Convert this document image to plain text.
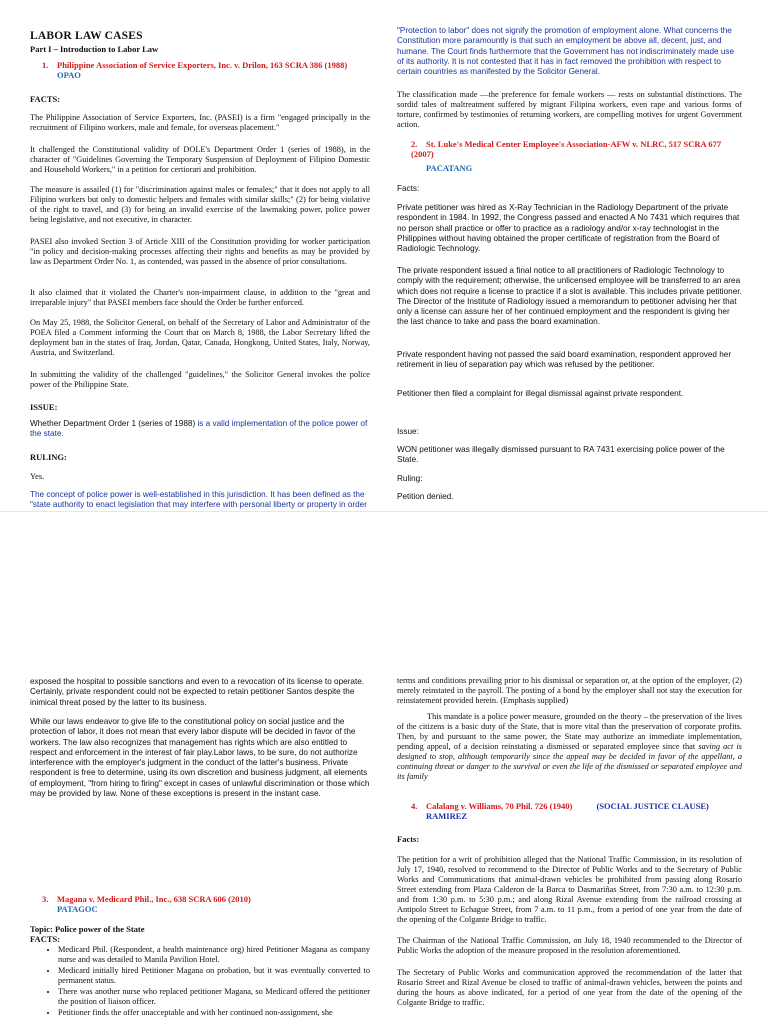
LABOR LAW CASES
Part I – Introduction to Labor Law
1. Philippine Association of Service Exporters, Inc. v. Drilon, 163 SCRA 386 (1988)
OPAO
FACTS:

The Philippine Association of Service Exporters, Inc. (PASEI) is a firm "engaged principally in the recruitment of Filipino workers, male and female, for overseas placement."

It challenged the Constitutional validity of DOLE's Department Order 1 (series of 1988), in the character of "Guidelines Governing the Temporary Suspension of Deployment of Filipino Domestic and Household Workers," in a petition for certiorari and prohibition.

The measure is assailed (1) for "discrimination against males or females;" that it does not apply to all Filipino workers but only to domestic helpers and females with similar skills;" (2) for being violative of the right to travel, and (3) for being an invalid exercise of the lawmaking power, police power being legislative, and not executive, in character.

PASEI also invoked Section 3 of Article XIII of the Constitution providing for worker participation "in policy and decision-making processes affecting their rights and benefits as may be provided by law as Department Order No. 1, as contended, was passed in the absence of prior consultations.

It also claimed that it violated the Charter's non-impairment clause, in addition to the "great and irreparable injury" that PASEI members face should the Order be further enforced.

On May 25, 1988, the Solicitor General, on behalf of the Secretary of Labor and Administrator of the POEA filed a Comment informing the Court that on March 8, 1988, the Labor Secretary lifted the deployment ban in the states of Iraq, Jordan, Qatar, Canada, Hongkong, United States, Italy, Norway, Austria, and Switzerland.

In submitting the validity of the challenged "guidelines," the Solicitor General invokes the police power of the Philippine State.

ISSUE:

Whether Department Order 1 (series of 1988) is a valid implementation of the police power of the state.

RULING:

Yes.

The concept of police power is well-established in this jurisdiction. It has been defined as the "state authority to enact legislation that may interfere with personal liberty or property in order

"Protection to labor" does not signify the promotion of employment alone. What concerns the Constitution more paramountly is that such an employment be above all, decent, just, and humane. The Court finds furthermore that the Government has not indiscriminately made use of its authority. It is not contested that it has in fact removed the prohibition with respect to certain countries as manifested by the Solicitor General.

The classification made —the preference for female workers — rests on substantial distinctions. The sordid tales of maltreatment suffered by migrant Filipina workers, even rape and various forms of torture, confirmed by testimonies of returning workers, are compelling motives for urgent Government action.

2. St. Luke's Medical Center Employee's Association-AFW v. NLRC, 517 SCRA 677 (2007)
PACATANG
Facts:

Private petitioner was hired as X-Ray Technician in the Radiology Department of the private respondent in 1984. In 1992, the Congress passed and enacted A No 7431 which requires that no person shall practice or offer to practice as a radiology and/or x-ray technologist in the Philippines without having obtained the proper certificate of registration from the Board of Radiologic Technology.

The private respondent issued a final notice to all practitioners of Radiologic Technology to comply with the requirement; otherwise, the unlicensed employee will be transferred to an area which does not require a license to practice if a slot is available. This includes private petitioner. The Director of the Institute of Radiology issued a memorandum to petitioner advising her that only a license can assure her of her continued employment and the respondent is giving her the last chance to take and pass the board examination.

Private respondent having not passed the said board examination, respondent approved her retirement in lieu of separation pay which was refused by the petitioner.

Petitioner then filed a complaint for illegal dismissal against private respondent.

Issue:

WON petitioner was illegally dismissed pursuant to RA 7431 exercising police power of the State.

Ruling:
Petition denied.

exposed the hospital to possible sanctions and even to a revocation of its license to operate. Certainly, private respondent could not be expected to retain petitioner Santos despite the inimical threat posed by the latter to its business.

While our laws endeavor to give life to the constitutional policy on social justice and the protection of labor, it does not mean that every labor dispute will be decided in favor of the workers. The law also recognizes that management has rights which are also entitled to respect and enforcement in the interest of fair play.Labor laws, to be sure, do not authorize interference with the employer's judgment in the conduct of the latter's business. Private respondent is free to determine, using its own discretion and business judgment, all elements of employment, "from hiring to firing" except in cases of unlawful discrimination or those which may be provided by law. None of these exceptions is present in the instant case.

3. Magana v. Medicard Phil., Inc., 638 SCRA 606 (2010)
PATAGOC
Topic: Police power of the State
FACTS:
• Medicard Phil. (Respondent, a health maintenance org) hired Petitioner Magana as company nurse and was detailed to Manila Pavilion Hotel.
• Medicard initially hired Petitioner Magana on probation, but it was eventually converted to permanent status.
• There was another nurse who replaced petitioner Magana, so Medicard offered the petitioner the position of liaison officer.
• Petitioner finds the offer unacceptable and with her continued non-assignment, she

terms and conditions prevailing prior to his dismissal or separation or, at the option of the employer, (2) merely reinstated in the payroll. The posting of a bond by the employer shall not stay the execution for reinstatement provided herein. (Emphasis supplied)

This mandate is a police power measure, grounded on the theory – the preservation of the lives of the citizens is a basic duty of the State, that is more vital than the preservation of corporate profits. Then, by and pursuant to the same power, the State may authorize an immediate implementation, pending appeal, of a decision reinstating a dismissed or separated employee since that saving act is designed to stop, although temporarily since the appeal may be decided in favor of the appellant, a continuing threat or danger to the survival or even the life of the dismissed or separated employee and its family

4. Calalang v. Williams, 70 Phil. 726 (1940)	(SOCIAL JUSTICE CLAUSE)
RAMIREZ
Facts:

The petition for a writ of prohibition alleged that the National Traffic Commission, in its resolution of July 17, 1940, resolved to recommend to the Director of Public Works and to the Secretary of Public Works and Communications that animal-drawn vehicles be prohibited from passing along Rosario Street extending from Plaza Calderon de la Barca to Dasmariñas Street, from 7:30 a.m. to 12:30 p.m. and from 1:30 p.m. to 5:30 p.m.; and along Rizal Avenue extending from the railroad crossing at Antipolo Street to Echague Street, from 7 a.m. to 11 p.m., from a period of one year from the date of the opening of the Colgante Bridge to traffic.

The Chairman of the National Traffic Commission, on July 18, 1940 recommended to the Director of Public Works the adoption of the measure proposed in the resolution aforementioned.

The Secretary of Public Works and communication approved the recommendation of the latter that Rosario Street and Rizal Avenue be closed to traffic of animal-drawn vehicles, between the points and during the hours as above indicated, for a period of one year from the date of the opening of the Colgante Bridge to traffic.
